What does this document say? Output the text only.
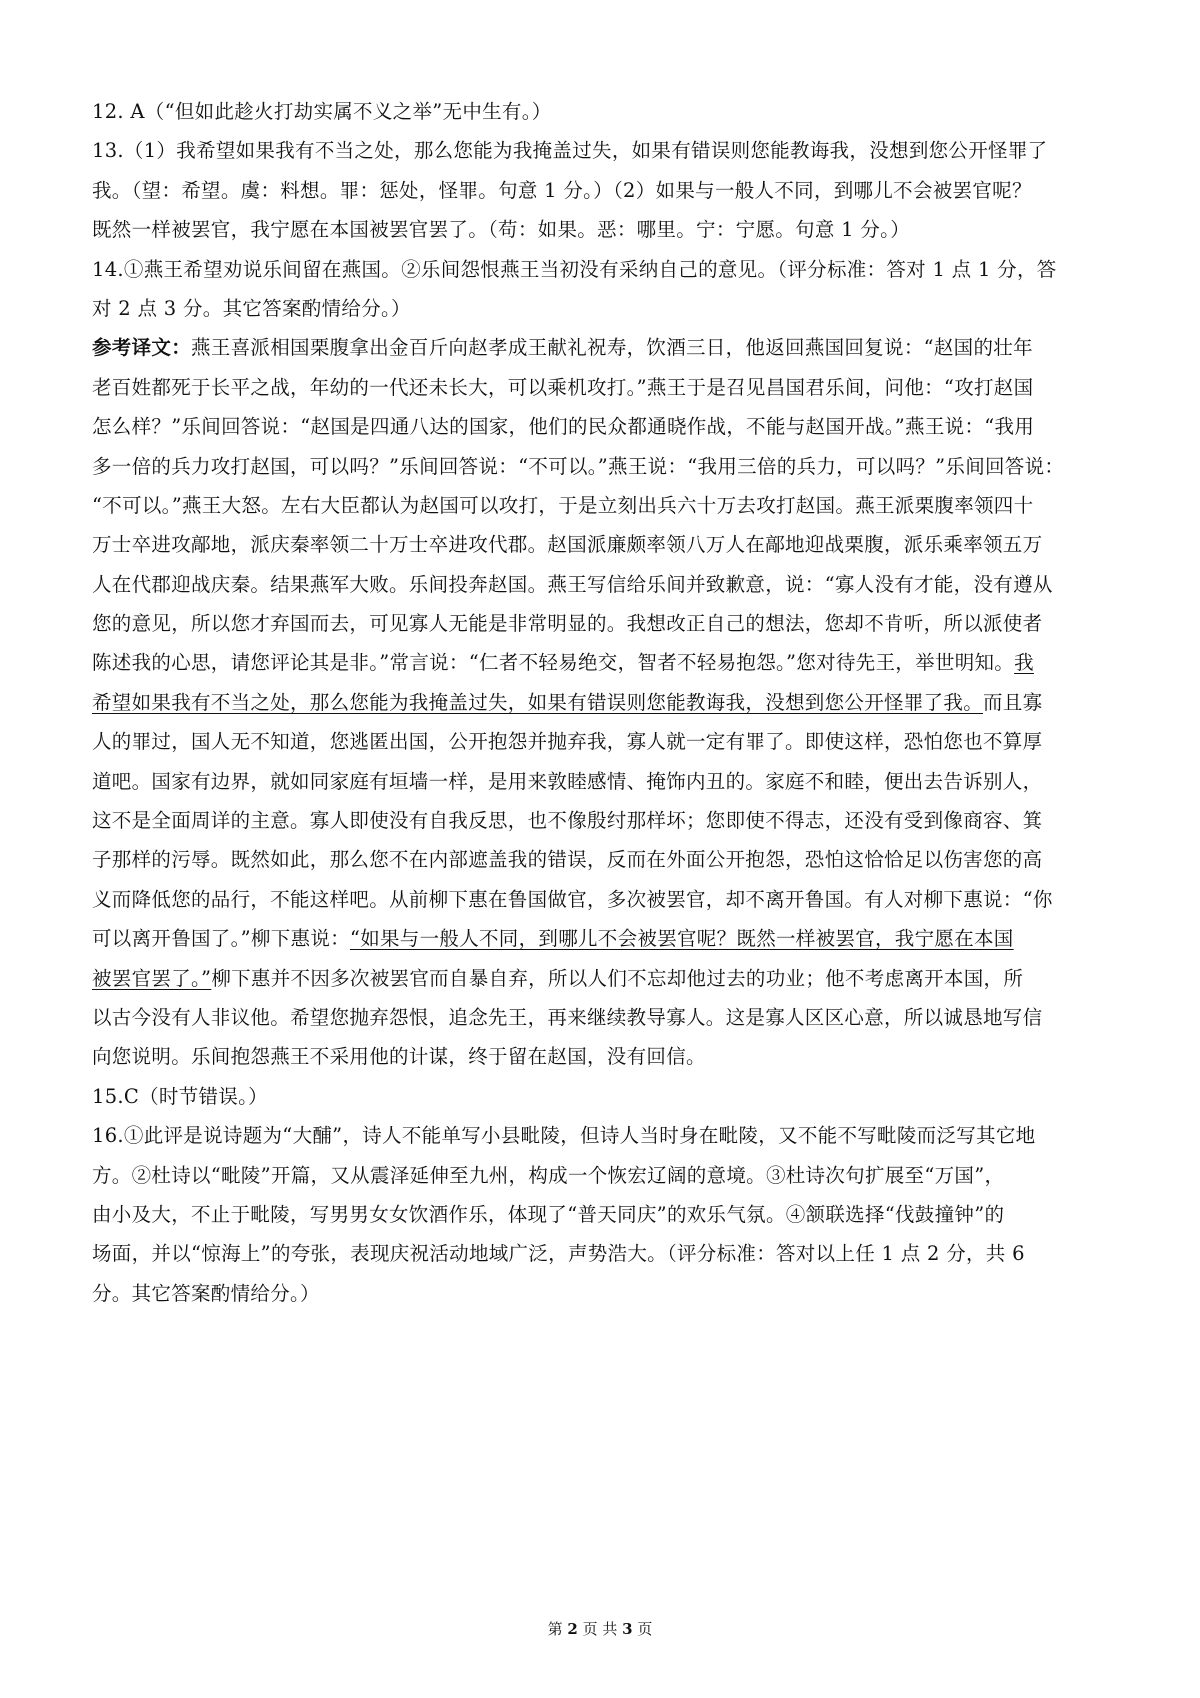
12. A（“但如此趁火打劫实属不义之举”无中生有。）
13.（1）我希望如果我有不当之处，那么您能为我掩盖过失，如果有错误则您能教诲我，没想到您公开怪罪了
我。（望：希望。虞：料想。罪：惩处，怪罪。句意 1 分。）（2）如果与一般人不同，到哪儿不会被罢官呢？
既然一样被罢官，我宁愿在本国被罢官罢了。（苟：如果。恶：哪里。宁：宁愿。句意 1 分。）
14.①燕王希望劝说乐间留在燕国。②乐间怨恨燕王当初没有采纳自己的意见。（评分标准：答对 1 点 1 分，答
对 2 点 3 分。其它答案酌情给分。）
参考译文：燕王喜派相国栗腹拿出金百斤向赵孝成王献礼祝寿，饮酒三日，他返回燕国回复说：“赵国的壮年
老百姓都死于长平之战，年幼的一代还未长大，可以乘机攻打。”燕王于是召见昌国君乐间，问他：“攻打赵国
怎么样？”乐间回答说：“赵国是四通八达的国家，他们的民众都通晓作战，不能与赵国开战。”燕王说：“我用
多一倍的兵力攻打赵国，可以吗？”乐间回答说：“不可以。”燕王说：“我用三倍的兵力，可以吗？”乐间回答说：
“不可以。”燕王大怒。左右大臣都认为赵国可以攻打，于是立刻出兵六十万去攻打赵国。燕王派栗腹率领四十
万士卒进攻鄗地，派庆秦率领二十万士卒进攻代郡。赵国派廉颇率领八万人在鄗地迎战栗腹，派乐乘率领五万
人在代郡迎战庆秦。结果燕军大败。乐间投奔赵国。燕王写信给乐间并致歉意，说：“寡人没有才能，没有遵从
您的意见，所以您才弃国而去，可见寡人无能是非常明显的。我想改正自己的想法，您却不肯听，所以派使者
陈述我的心思，请您评论其是非。”常言说：“仁者不轻易绝交，智者不轻易抱怨。”您对待先王，举世明知。我
希望如果我有不当之处，那么您能为我掩盖过失，如果有错误则您能教诲我，没想到您公开怪罪了我。而且寡
人的罪过，国人无不知道，您逃匿出国，公开抱怨并抛弃我，寡人就一定有罪了。即使这样，恐怕您也不算厚
道吧。国家有边界，就如同家庭有垣墙一样，是用来敦睦感情、掩饰内丑的。家庭不和睦，便出去告诉别人，
这不是全面周详的主意。寡人即使没有自我反思，也不像殷纣那样坏；您即使不得志，还没有受到像商容、箕
子那样的污辱。既然如此，那么您不在内部遮盖我的错误，反而在外面公开抱怨，恐怕这恰恰足以伤害您的高
义而降低您的品行，不能这样吧。从前柳下惠在鲁国做官，多次被罢官，却不离开鲁国。有人对柳下惠说：“你
可以离开鲁国了。”柳下惠说：“如果与一般人不同，到哪儿不会被罢官呢？既然一样被罢官，我宁愿在本国
被罢官罢了。”柳下惠并不因多次被罢官而自暴自弃，所以人们不忘却他过去的功业；他不考虑离开本国，所
以古今没有人非议他。希望您抛弃怨恨，追念先王，再来继续教导寡人。这是寡人区区心意，所以诚恳地写信
向您说明。乐间抱怨燕王不采用他的计谋，终于留在赵国，没有回信。
15.C（时节错误。）
16.①此评是说诗题为“大酺”，诗人不能单写小县毗陵，但诗人当时身在毗陵，又不能不写毗陵而泛写其它地
方。②杜诗以“毗陵”开篇，又从震泽延伸至九州，构成一个恢宏辽阔的意境。③杜诗次句扩展至“万国”，
由小及大，不止于毗陵，写男男女女饮酒作乐，体现了“普天同庆”的欢乐气氛。④颔联选择“伐鼓撞钟”的
场面，并以“惊海上”的夸张，表现庆祝活动地域广泛，声势浩大。（评分标准：答对以上任 1 点 2 分，共 6
分。其它答案酌情给分。）
第 2 页 共 3 页
